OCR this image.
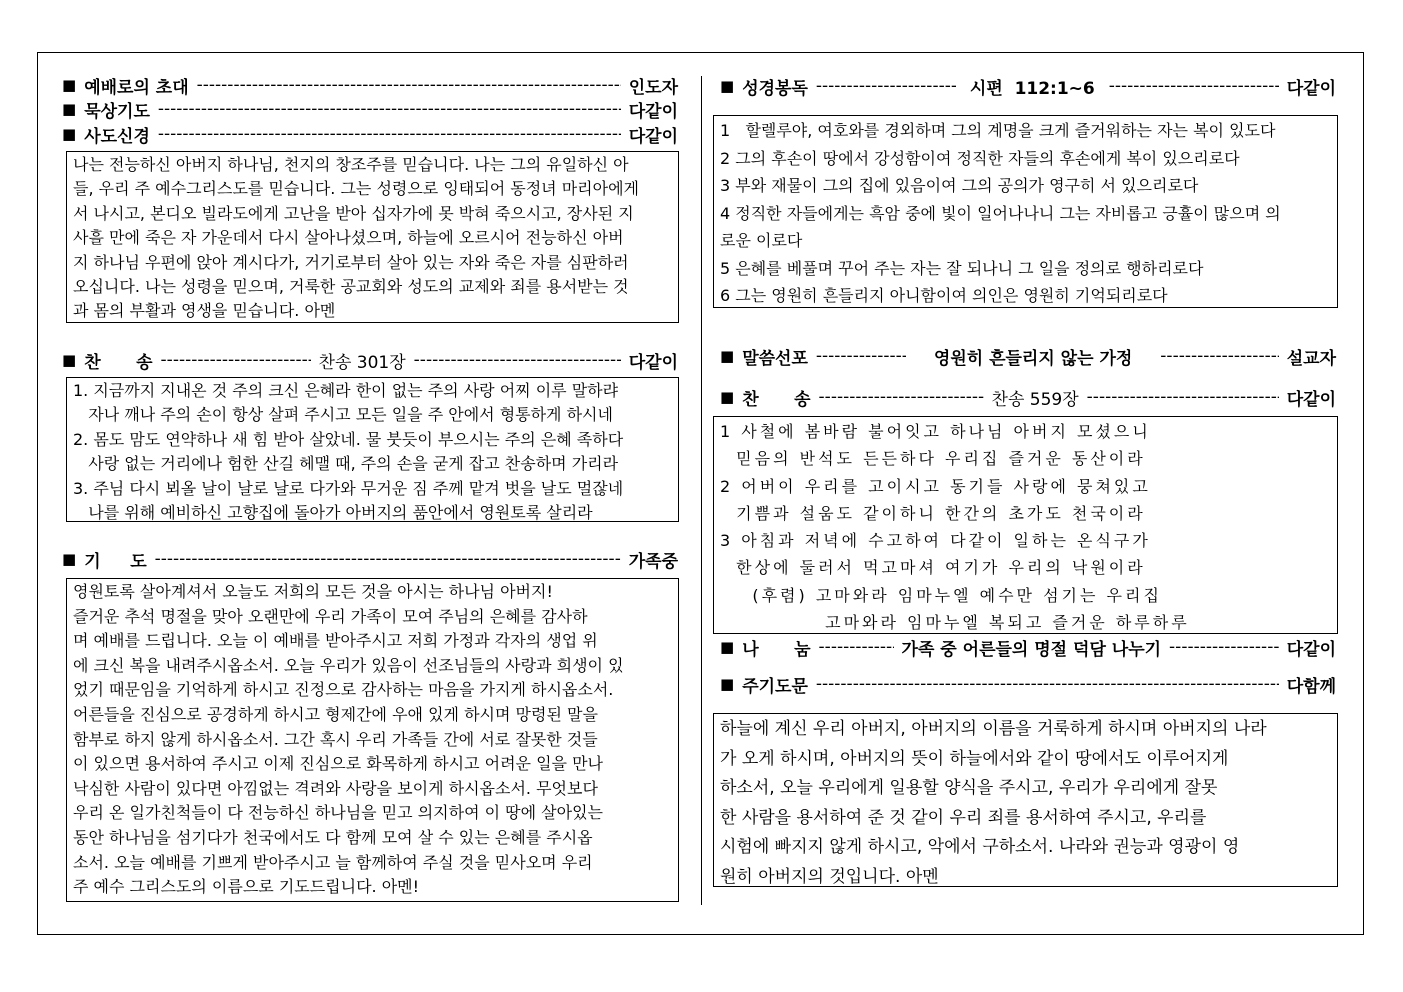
■ 예배로의 초대 -----	인도자
■ 묵상기도 -----	다같이
■ 사도신경 -----	다같이
나는 전능하신 아버지 하나님, 천지의 창조주를 믿습니다. 나는 그의 유일하신 아
들, 우리 주 예수그리스도를 믿습니다. 그는 성령으로 잉태되어 동정녀 마리아에게
서 나시고, 본디오 빌라도에게 고난을 받아 십자가에 못 박혀 죽으시고, 장사된 지
사흘 만에 죽은 자 가운데서 다시 살아나셨으며, 하늘에 오르시어 전능하신 아버
지 하나님 우편에 앉아 계시다가, 거기로부터 살아 있는 자와 죽은 자를 심판하러
오십니다. 나는 성령을 믿으며, 거룩한 공교회와 성도의 교제와 죄를 용서받는 것
과 몸의 부활과 영생을 믿습니다. 아멘
■ 찬      송 -----	찬송 301장 -----	다같이
1. 지금까지 지내온 것 주의 크신 은혜라 한이 없는 주의 사랑 어찌 이루 말하랴
자나 깨나 주의 손이 항상 살펴 주시고 모든 일을 주 안에서 형통하게 하시네
2. 몸도 맘도 연약하나 새 힘 받아 살았네. 물 붓듯이 부으시는 주의 은혜 족하다
사랑 없는 거리에나 험한 산길 헤맬 때, 주의 손을 굳게 잡고 찬송하며 가리라
3. 주님 다시 뵈올 날이 날로 날로 다가와 무거운 짐 주께 맡겨 벗을 날도 멀잖네
나를 위해 예비하신 고향집에 돌아가 아버지의 품안에서 영원토록 살리라
■ 기     도 -----	가족중
영원토록 살아계셔서 오늘도 저희의 모든 것을 아시는 하나님 아버지!
즐거운 추석 명절을 맞아 오랜만에 우리 가족이 모여 주님의 은혜를 감사하
며 예배를 드립니다. 오늘 이 예배를 받아주시고 저희 가정과 각자의 생업 위
에 크신 복을 내려주시옵소서. 오늘 우리가 있음이 선조님들의 사랑과 희생이 있
었기 때문임을 기억하게 하시고 진정으로 감사하는 마음을 가지게 하시옵소서.
어른들을 진심으로 공경하게 하시고 형제간에 우애 있게 하시며 망령된 말을
함부로 하지 않게 하시옵소서. 그간 혹시 우리 가족들 간에 서로 잘못한 것들
이 있으면 용서하여 주시고 이제 진심으로 화목하게 하시고 어려운 일을 만나
낙심한 사람이 있다면 아낌없는 격려와 사랑을 보이게 하시옵소서. 무엇보다
우리 온 일가친척들이 다 전능하신 하나님을 믿고 의지하여 이 땅에 살아있는
동안 하나님을 섬기다가 천국에서도 다 함께 모여 살 수 있는 은혜를 주시옵
소서. 오늘 예배를 기쁘게 받아주시고 늘 함께하여 주실 것을 믿사오며 우리
주 예수 그리스도의 이름으로 기도드립니다. 아멘!
■ 성경봉독 -----	시편  112:1~6 -----	다같이
1   할렐루야, 여호와를 경외하며 그의 계명을 크게 즐거워하는 자는 복이 있도다
2 그의 후손이 땅에서 강성함이여 정직한 자들의 후손에게 복이 있으리로다
3 부와 재물이 그의 집에 있음이여 그의 공의가 영구히 서 있으리로다
4 정직한 자들에게는 흑암 중에 빛이 일어나나니 그는 자비롭고 긍휼이 많으며 의
로운 이로다
5 은혜를 베풀며 꾸어 주는 자는 잘 되나니 그 일을 정의로 행하리로다
6 그는 영원히 흔들리지 아니함이여 의인은 영원히 기억되리로다
■ 말씀선포 -----	영원히 흔들리지 않는 가정 -----	설교자
■ 찬      송 -----	찬송 559장 -----	다같이
1 사철에 봄바람 불어잇고 하나님 아버지 모셨으니
믿음의 반석도 든든하다 우리집 즐거운 동산이라
2 어버이 우리를 고이시고 동기들 사랑에 뭉쳐있고
기쁨과 설움도 같이하니 한간의 초가도 천국이라
3 아침과 저녁에 수고하여 다같이 일하는 온식구가
한상에 둘러서 먹고마셔 여기가 우리의 낙원이라
(후렴) 고마와라 임마누엘 예수만 섬기는 우리집
고마와라 임마누엘 복되고 즐거운 하루하루
■ 나      눔 -----	가족 중 어른들의 명절 덕담 나누기 -----	다같이
■ 주기도문 -----	다함께
하늘에 계신 우리 아버지, 아버지의 이름을 거룩하게 하시며 아버지의 나라
가 오게 하시며, 아버지의 뜻이 하늘에서와 같이 땅에서도 이루어지게
하소서, 오늘 우리에게 일용할 양식을 주시고, 우리가 우리에게 잘못
한 사람을 용서하여 준 것 같이 우리 죄를 용서하여 주시고, 우리를
시험에 빠지지 않게 하시고, 악에서 구하소서. 나라와 권능과 영광이 영
원히 아버지의 것입니다. 아멘
